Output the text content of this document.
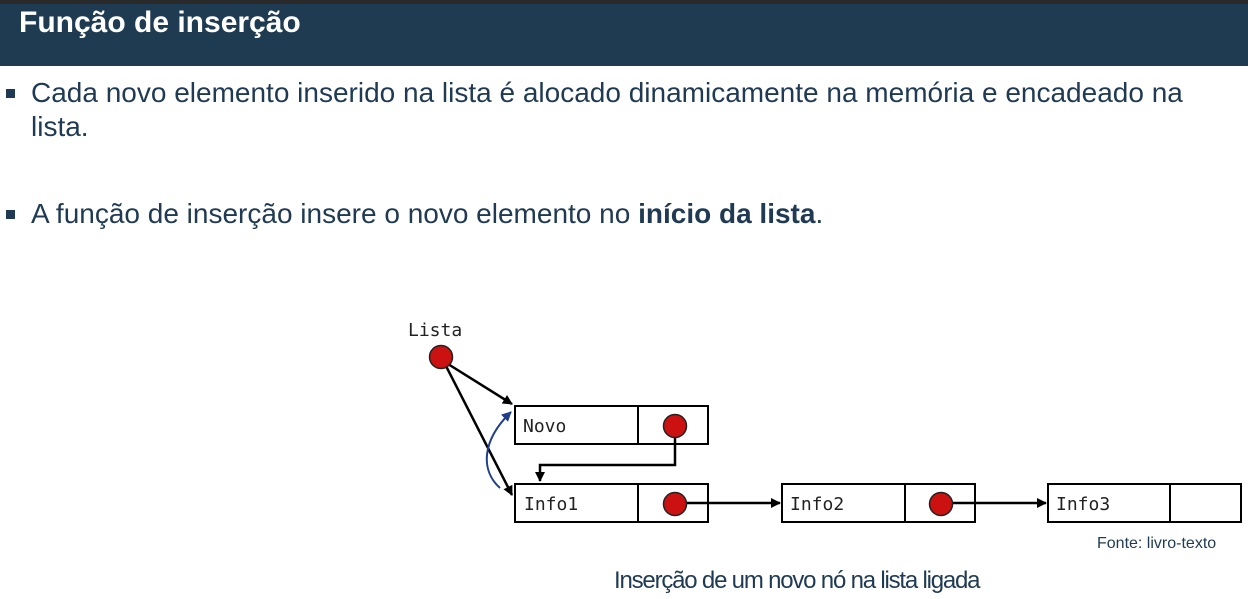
Função de inserção
Cada novo elemento inserido na lista é alocado dinamicamente na memória e encadeado na lista.
A função de inserção insere o novo elemento no início da lista.
Lista
Novo
Info1	Info2	Info3
Fonte: livro-texto
Inserção de um novo nó na lista ligada
